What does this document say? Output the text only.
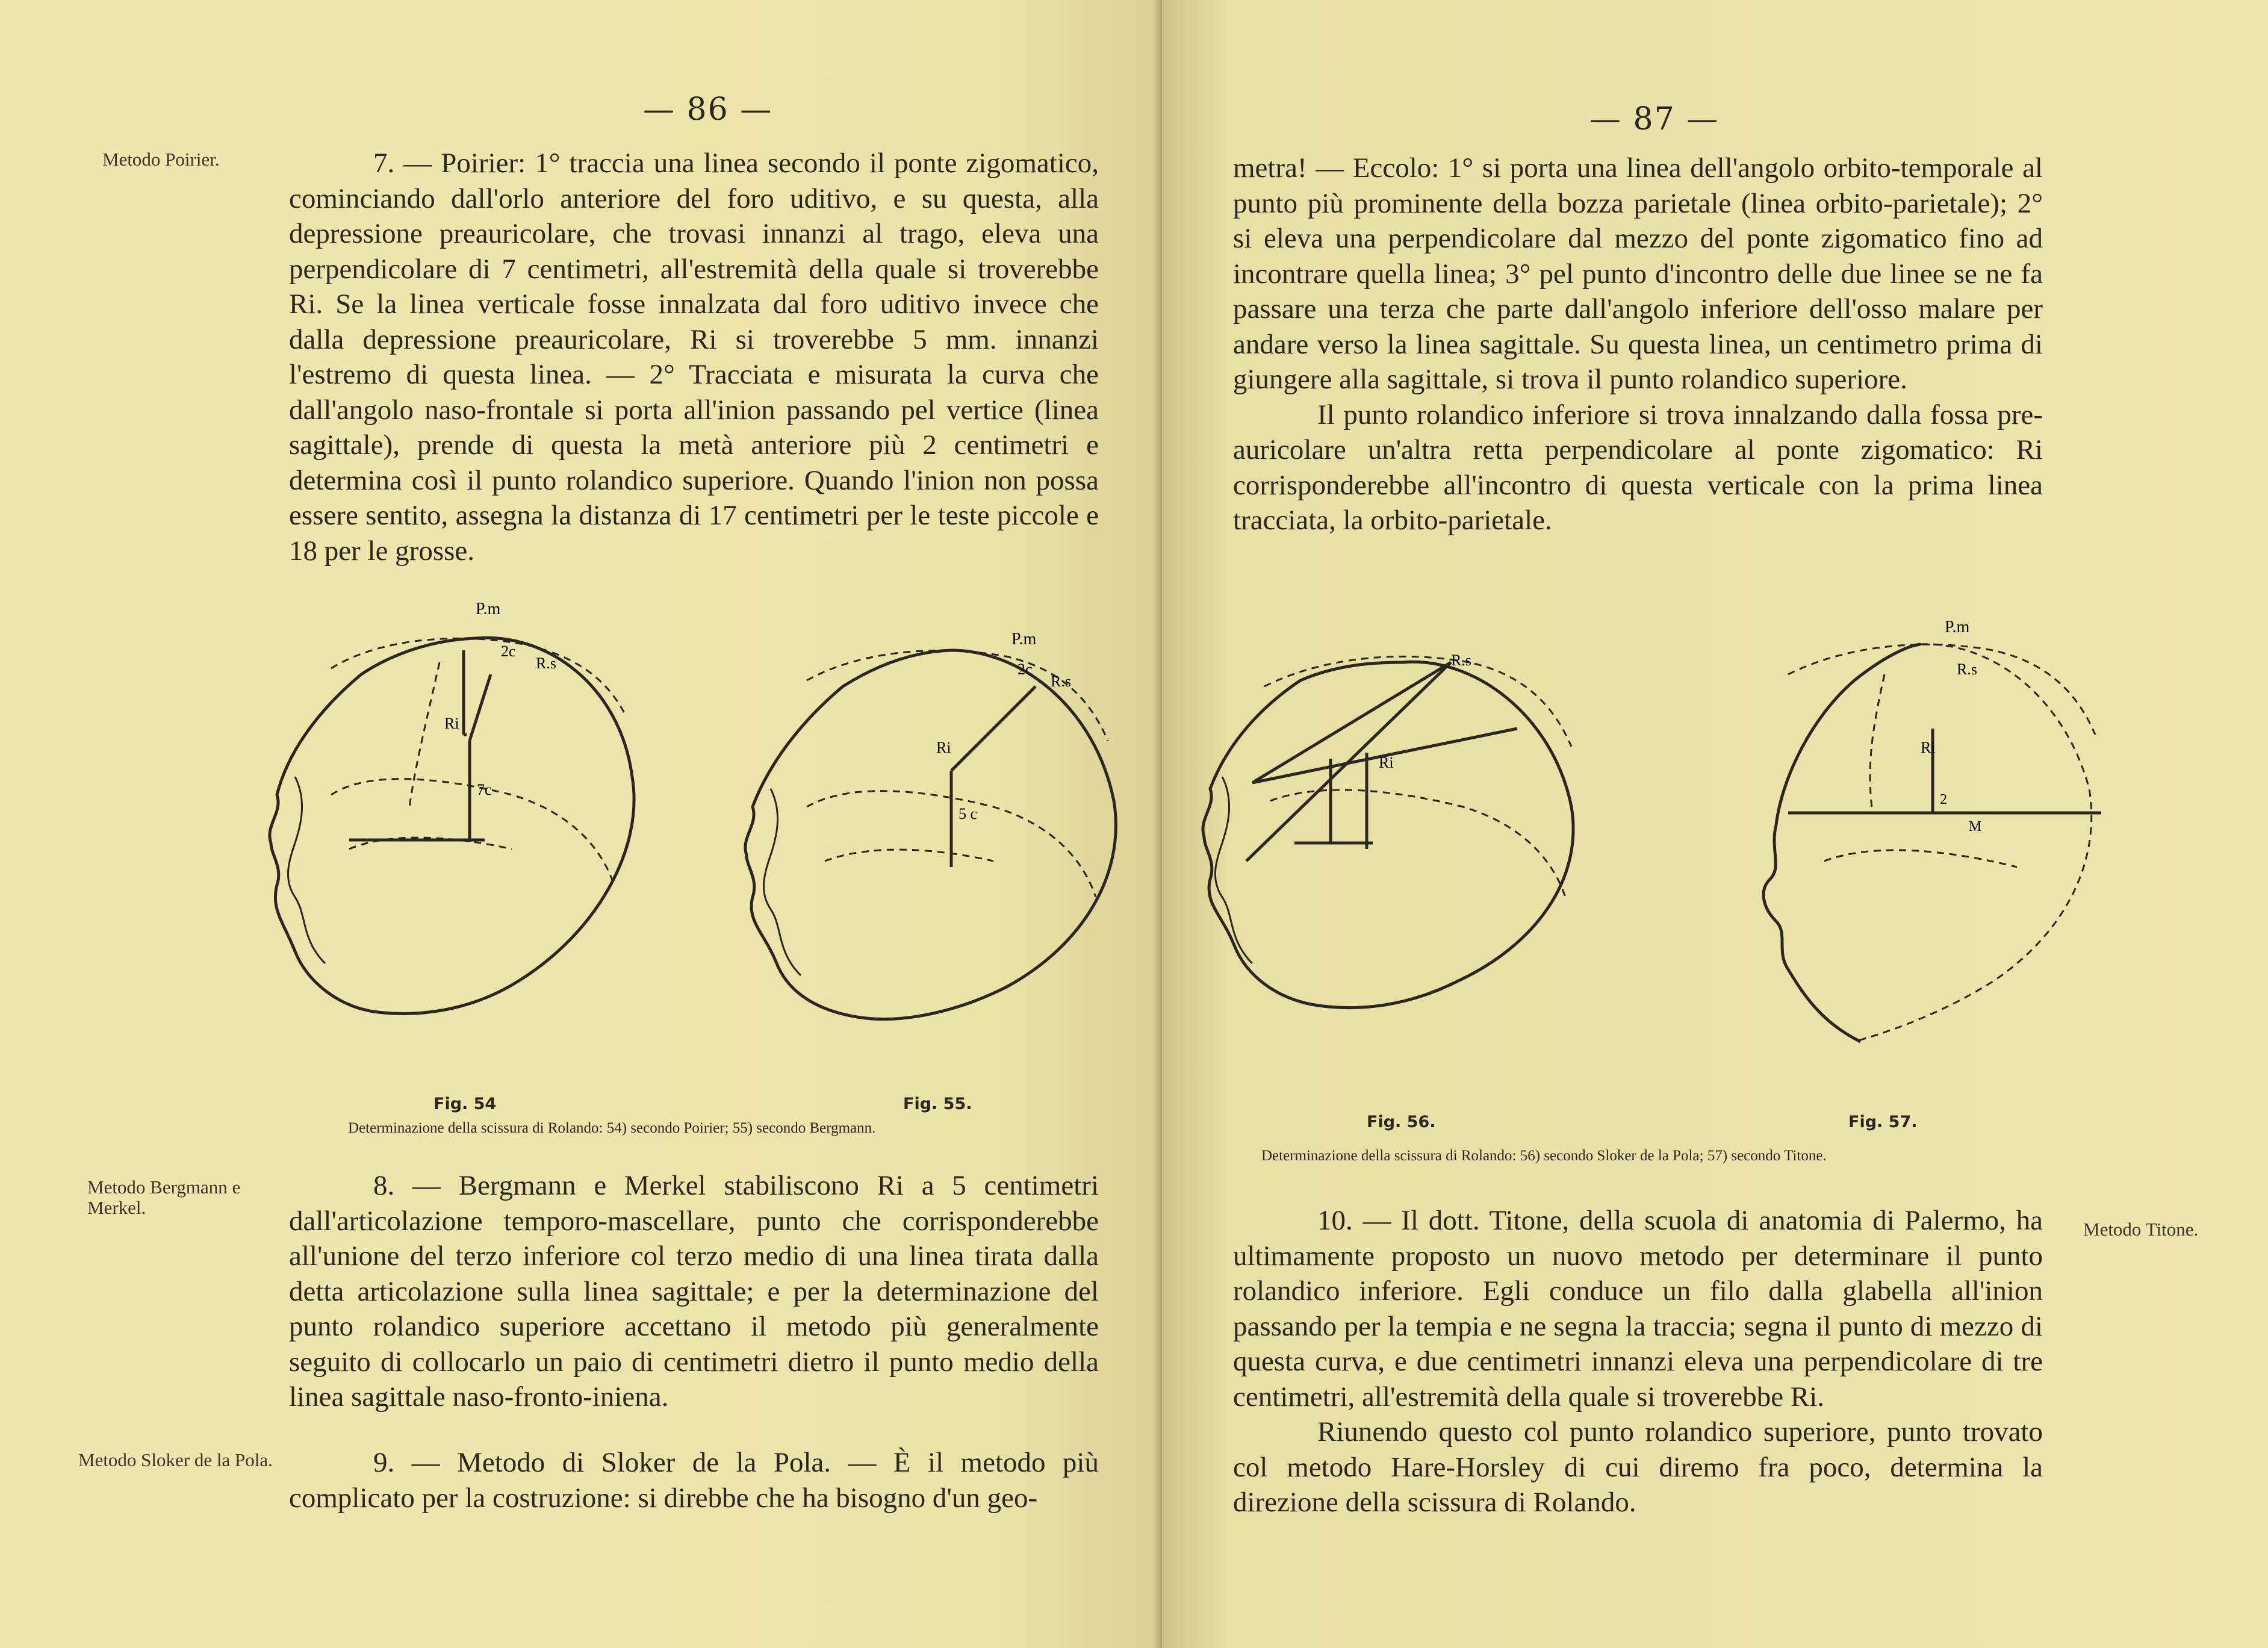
— 86 —
Metodo Poirier.
Metodo Bergmann e Merkel.
Metodo Sloker de la Pola.

7. — Poirier: 1° traccia una linea secondo il ponte zigomatico, cominciando dall'orlo anteriore del foro uditivo, e su questa, alla depressione preauricolare, che trovasi innanzi al trago, eleva una perpendicolare di 7 centimetri, all'estremità della quale si troverebbe Ri. Se la linea verticale fosse innalzata dal foro uditivo invece che dalla depressione preauricolare, Ri si troverebbe 5 mm. innanzi l'estremo di questa linea. — 2° Tracciata e misurata la curva che dall'angolo naso-frontale si porta all'inion passando pel vertice (linea sagittale), prende di questa la metà anteriore più 2 centimetri e determina così il punto rolandico superiore. Quando l'inion non possa essere sentito, assegna la distanza di 17 centimetri per le teste piccole e 18 per le grosse.

P.m
2c
R.s
Ri
7c
P.m
2c
R.s
Ri
5 c
Fig. 54	Fig. 55.
Determinazione della scissura di Rolando: 54) secondo Poirier; 55) secondo Bergmann.

8. — Bergmann e Merkel stabiliscono Ri a 5 centimetri dall'articolazione temporo-mascellare, punto che corrisponderebbe all'unione del terzo inferiore col terzo medio di una linea tirata dalla detta articolazione sulla linea sagittale; e per la determinazione del punto rolandico superiore accettano il metodo più generalmente seguito di collocarlo un paio di centimetri dietro il punto medio della linea sagittale naso-fronto-iniena.

9. — Metodo di Sloker de la Pola. — È il metodo più complicato per la costruzione: si direbbe che ha bisogno d'un geo-

— 87 —

metra! — Eccolo: 1° si porta una linea dell'angolo orbito-temporale al punto più prominente della bozza parietale (linea orbito-parietale); 2° si eleva una perpendicolare dal mezzo del ponte zigomatico fino ad incontrare quella linea; 3° pel punto d'incontro delle due linee se ne fa passare una terza che parte dall'angolo inferiore dell'osso malare per andare verso la linea sagittale. Su questa linea, un centimetro prima di giungere alla sagittale, si trova il punto rolandico superiore.

Il punto rolandico inferiore si trova innalzando dalla fossa pre-auricolare un'altra retta perpendicolare al ponte zigomatico: Ri corrisponderebbe all'incontro di questa verticale con la prima linea tracciata, la orbito-parietale.

R.s
Ri
P.m
R.s
Ri
2
M
Fig. 56.	Fig. 57.
Determinazione della scissura di Rolando: 56) secondo Sloker de la Pola; 57) secondo Titone.

10. — Il dott. Titone, della scuola di anatomia di Palermo, ha ultimamente proposto un nuovo metodo per determinare il punto rolandico inferiore. Egli conduce un filo dalla glabella all'inion passando per la tempia e ne segna la traccia; segna il punto di mezzo di questa curva, e due centimetri innanzi eleva una perpendicolare di tre centimetri, all'estremità della quale si troverebbe Ri.

Riunendo questo col punto rolandico superiore, punto trovato col metodo Hare-Horsley di cui diremo fra poco, determina la direzione della scissura di Rolando.

Metodo Titone.
